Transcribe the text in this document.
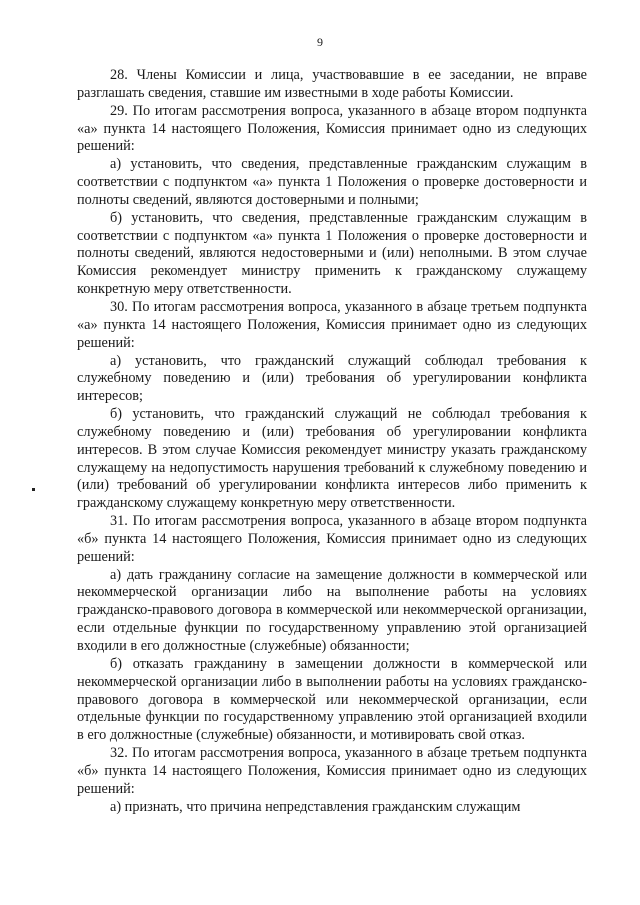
9

28. Члены Комиссии и лица, участвовавшие в ее заседании, не вправе разглашать сведения, ставшие им известными в ходе работы Комиссии.

29. По итогам рассмотрения вопроса, указанного в абзаце втором подпункта «а» пункта 14 настоящего Положения, Комиссия принимает одно из следующих решений:

а) установить, что сведения, представленные гражданским служащим в соответствии с подпунктом «а» пункта 1 Положения о проверке достоверности и полноты сведений, являются достоверными и полными;

б) установить, что сведения, представленные гражданским служащим в соответствии с подпунктом «а» пункта 1 Положения о проверке достоверности и полноты сведений, являются недостоверными и (или) неполными. В этом случае Комиссия рекомендует министру применить к гражданскому служащему конкретную меру ответственности.

30. По итогам рассмотрения вопроса, указанного в абзаце третьем подпункта «а» пункта 14 настоящего Положения, Комиссия принимает одно из следующих решений:

а) установить, что гражданский служащий соблюдал требования к служебному поведению и (или) требования об урегулировании конфликта интересов;

б) установить, что гражданский служащий не соблюдал требования к служебному поведению и (или) требования об урегулировании конфликта интересов. В этом случае Комиссия рекомендует министру указать гражданскому служащему на недопустимость нарушения требований к служебному поведению и (или) требований об урегулировании конфликта интересов либо применить к гражданскому служащему конкретную меру ответственности.

31. По итогам рассмотрения вопроса, указанного в абзаце втором подпункта «б» пункта 14 настоящего Положения, Комиссия принимает одно из следующих решений:

а) дать гражданину согласие на замещение должности в коммерческой или некоммерческой организации либо на выполнение работы на условиях гражданско-правового договора в коммерческой или некоммерческой организации, если отдельные функции по государственному управлению этой организацией входили в его должностные (служебные) обязанности;

б) отказать гражданину в замещении должности в коммерческой или некоммерческой организации либо в выполнении работы на условиях гражданско-правового договора в коммерческой или некоммерческой организации, если отдельные функции по государственному управлению этой организацией входили в его должностные (служебные) обязанности, и мотивировать свой отказ.

32. По итогам рассмотрения вопроса, указанного в абзаце третьем подпункта «б» пункта 14 настоящего Положения, Комиссия принимает одно из следующих решений:

а) признать, что причина непредставления гражданским служащим
